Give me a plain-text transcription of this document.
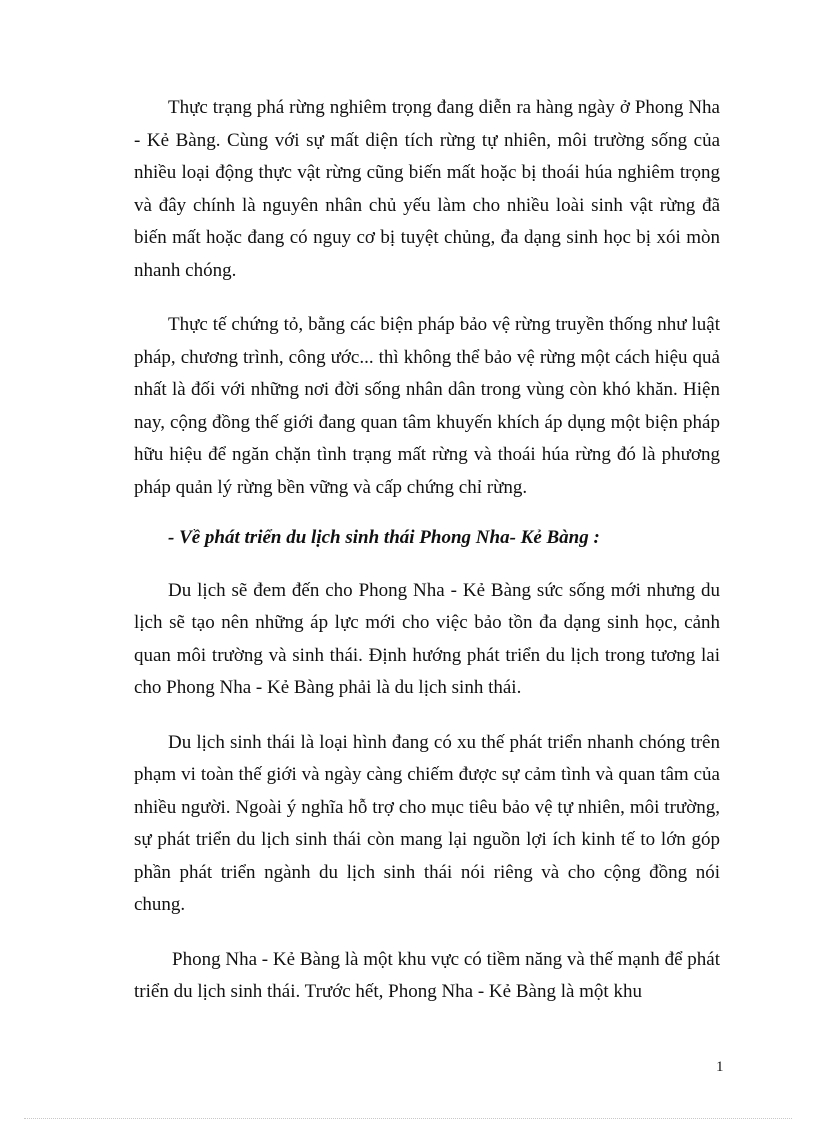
Thực trạng phá rừng nghiêm trọng đang diễn ra hàng ngày ở Phong Nha - Kẻ Bàng. Cùng với sự mất diện tích rừng tự nhiên, môi trường sống của nhiều loại động thực vật rừng cũng biến mất hoặc bị thoái húa nghiêm trọng và đây chính là nguyên nhân chủ yếu làm cho nhiều loài sinh vật rừng đã biến mất hoặc đang có nguy cơ bị tuyệt chủng, đa dạng sinh học bị xói mòn nhanh chóng.

Thực tế chứng tỏ, bằng các biện pháp bảo vệ rừng truyền thống như luật pháp, chương trình, công ước... thì không thể bảo vệ rừng một cách hiệu quả nhất là đối với những nơi đời sống nhân dân trong vùng còn khó khăn. Hiện nay, cộng đồng thế giới đang quan tâm khuyến khích áp dụng một biện pháp hữu hiệu để ngăn chặn tình trạng mất rừng và thoái húa rừng đó là phương pháp quản lý rừng bền vững và cấp chứng chỉ rừng.

- Về phát triển du lịch sinh thái Phong Nha- Kẻ Bàng :

Du lịch sẽ đem đến cho Phong Nha - Kẻ Bàng sức sống mới nhưng du lịch sẽ tạo nên những áp lực mới cho việc bảo tồn đa dạng sinh học, cảnh quan môi trường và sinh thái. Định hướng phát triển du lịch trong tương lai cho Phong Nha - Kẻ Bàng phải là du lịch sinh thái.

Du lịch sinh thái là loại hình đang có xu thế phát triển nhanh chóng trên phạm vi toàn thế giới và ngày càng chiếm được sự cảm tình và quan tâm của nhiều người. Ngoài ý nghĩa hỗ trợ cho mục tiêu bảo vệ tự nhiên, môi trường, sự phát triển du lịch sinh thái còn mang lại nguồn lợi ích kinh tế to lớn góp phần phát triển ngành du lịch sinh thái nói riêng và cho cộng đồng nói chung.

Phong Nha - Kẻ Bàng là một khu vực có tiềm năng và thế mạnh để phát triển du lịch sinh thái. Trước hết, Phong Nha - Kẻ Bàng là một khu

1
